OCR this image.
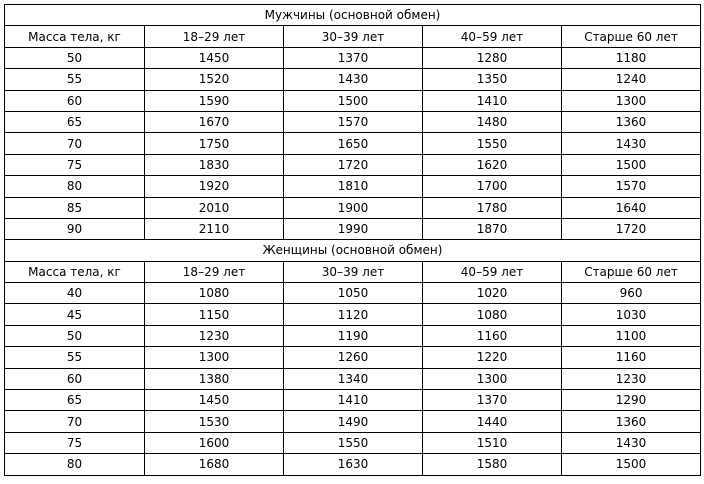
Мужчины (основной обмен)				
Масса тела, кг	18–29 лет	30–39 лет	40–59 лет	Старше 60 лет
50	1450	1370	1280	1180
55	1520	1430	1350	1240
60	1590	1500	1410	1300
65	1670	1570	1480	1360
70	1750	1650	1550	1430
75	1830	1720	1620	1500
80	1920	1810	1700	1570
85	2010	1900	1780	1640
90	2110	1990	1870	1720
Женщины (основной обмен)				
Масса тела, кг	18–29 лет	30–39 лет	40–59 лет	Старше 60 лет
40	1080	1050	1020	960
45	1150	1120	1080	1030
50	1230	1190	1160	1100
55	1300	1260	1220	1160
60	1380	1340	1300	1230
65	1450	1410	1370	1290
70	1530	1490	1440	1360
75	1600	1550	1510	1430
80	1680	1630	1580	1500
